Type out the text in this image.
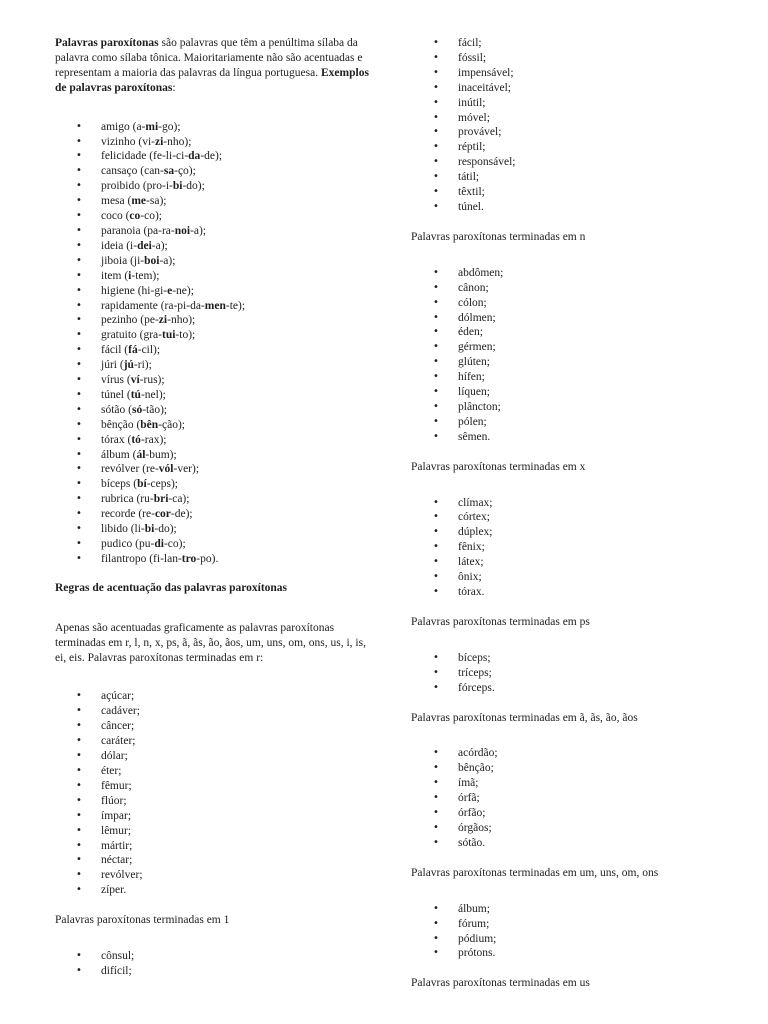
Palavras paroxítonas são palavras que têm a penúltima sílaba da palavra como sílaba tônica. Maioritariamente não são acentuadas e representam a maioria das palavras da língua portuguesa. Exemplos de palavras paroxítonas:

• amigo (a-mi-go);
• vizinho (vi-zi-nho);
• felicidade (fe-li-ci-da-de);
• cansaço (can-sa-ço);
• proibido (pro-i-bi-do);
• mesa (me-sa);
• coco (co-co);
• paranoia (pa-ra-noi-a);
• ideia (i-dei-a);
• jiboia (ji-boi-a);
• item (i-tem);
• higiene (hi-gi-e-ne);
• rapidamente (ra-pi-da-men-te);
• pezinho (pe-zi-nho);
• gratuito (gra-tui-to);
• fácil (fá-cil);
• júri (jú-ri);
• vírus (ví-rus);
• túnel (tú-nel);
• sótão (só-tão);
• bênção (bên-ção);
• tórax (tó-rax);
• álbum (ál-bum);
• revólver (re-vól-ver);
• bíceps (bí-ceps);
• rubrica (ru-bri-ca);
• recorde (re-cor-de);
• libido (li-bi-do);
• pudico (pu-di-co);
• filantropo (fi-lan-tro-po).

Regras de acentuação das palavras paroxítonas

Apenas são acentuadas graficamente as palavras paroxítonas terminadas em r, l, n, x, ps, ã, ãs, ão, ãos, um, uns, om, ons, us, i, is, ei, eis. Palavras paroxítonas terminadas em r:

• açúcar;
• cadáver;
• câncer;
• caráter;
• dólar;
• éter;
• fêmur;
• flúor;
• ímpar;
• lêmur;
• mártir;
• néctar;
• revólver;
• zíper.

Palavras paroxítonas terminadas em 1

• cônsul;
• difícil;
• fácil;
• fóssil;
• impensável;
• inaceitável;
• inútil;
• móvel;
• provável;
• réptil;
• responsável;
• tátil;
• têxtil;
• túnel.

Palavras paroxítonas terminadas em n

• abdômen;
• cânon;
• cólon;
• dólmen;
• éden;
• gérmen;
• glúten;
• hífen;
• líquen;
• plâncton;
• pólen;
• sêmen.

Palavras paroxítonas terminadas em x

• clímax;
• córtex;
• dúplex;
• fênix;
• látex;
• ônix;
• tórax.

Palavras paroxítonas terminadas em ps

• bíceps;
• tríceps;
• fórceps.

Palavras paroxítonas terminadas em ã, ãs, ão, ãos

• acórdão;
• bênção;
• ímã;
• órfã;
• órfão;
• órgãos;
• sótão.

Palavras paroxítonas terminadas em um, uns, om, ons

• álbum;
• fórum;
• pódium;
• prótons.

Palavras paroxítonas terminadas em us
